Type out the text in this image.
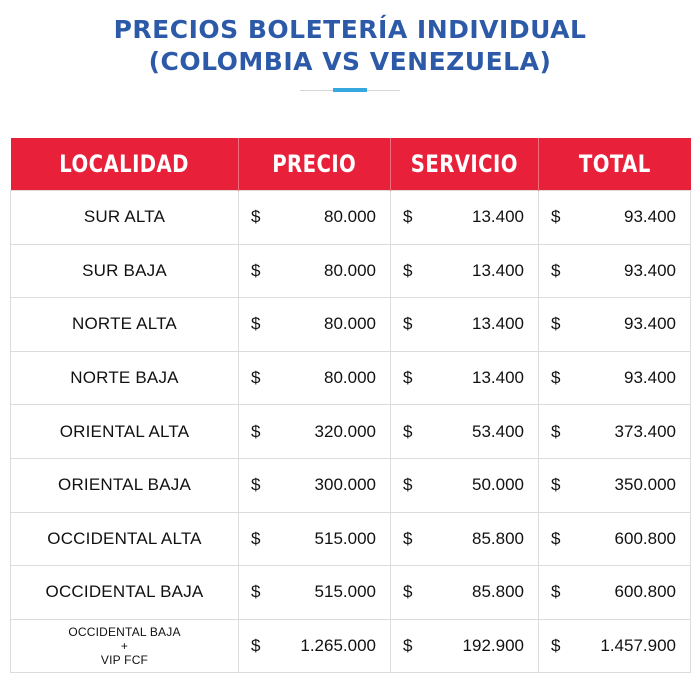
PRECIOS BOLETERÍA INDIVIDUAL
(COLOMBIA VS VENEZUELA)
LOCALIDAD	PRECIO	SERVICIO	TOTAL
SUR ALTA	$ 80.000	$ 13.400	$ 93.400

SUR BAJA	$ 80.000	$ 13.400	$ 93.400

NORTE ALTA	$ 80.000	$ 13.400	$ 93.400

NORTE BAJA	$ 80.000	$ 13.400	$ 93.400

ORIENTAL ALTA	$ 320.000	$ 53.400	$ 373.400

ORIENTAL BAJA	$ 300.000	$ 50.000	$ 350.000

OCCIDENTAL ALTA	$ 515.000	$ 85.800	$ 600.800

OCCIDENTAL BAJA	$ 515.000	$ 85.800	$ 600.800

OCCIDENTAL BAJA
+
VIP FCF	$ 1.265.000	$ 192.900	$ 1.457.900
